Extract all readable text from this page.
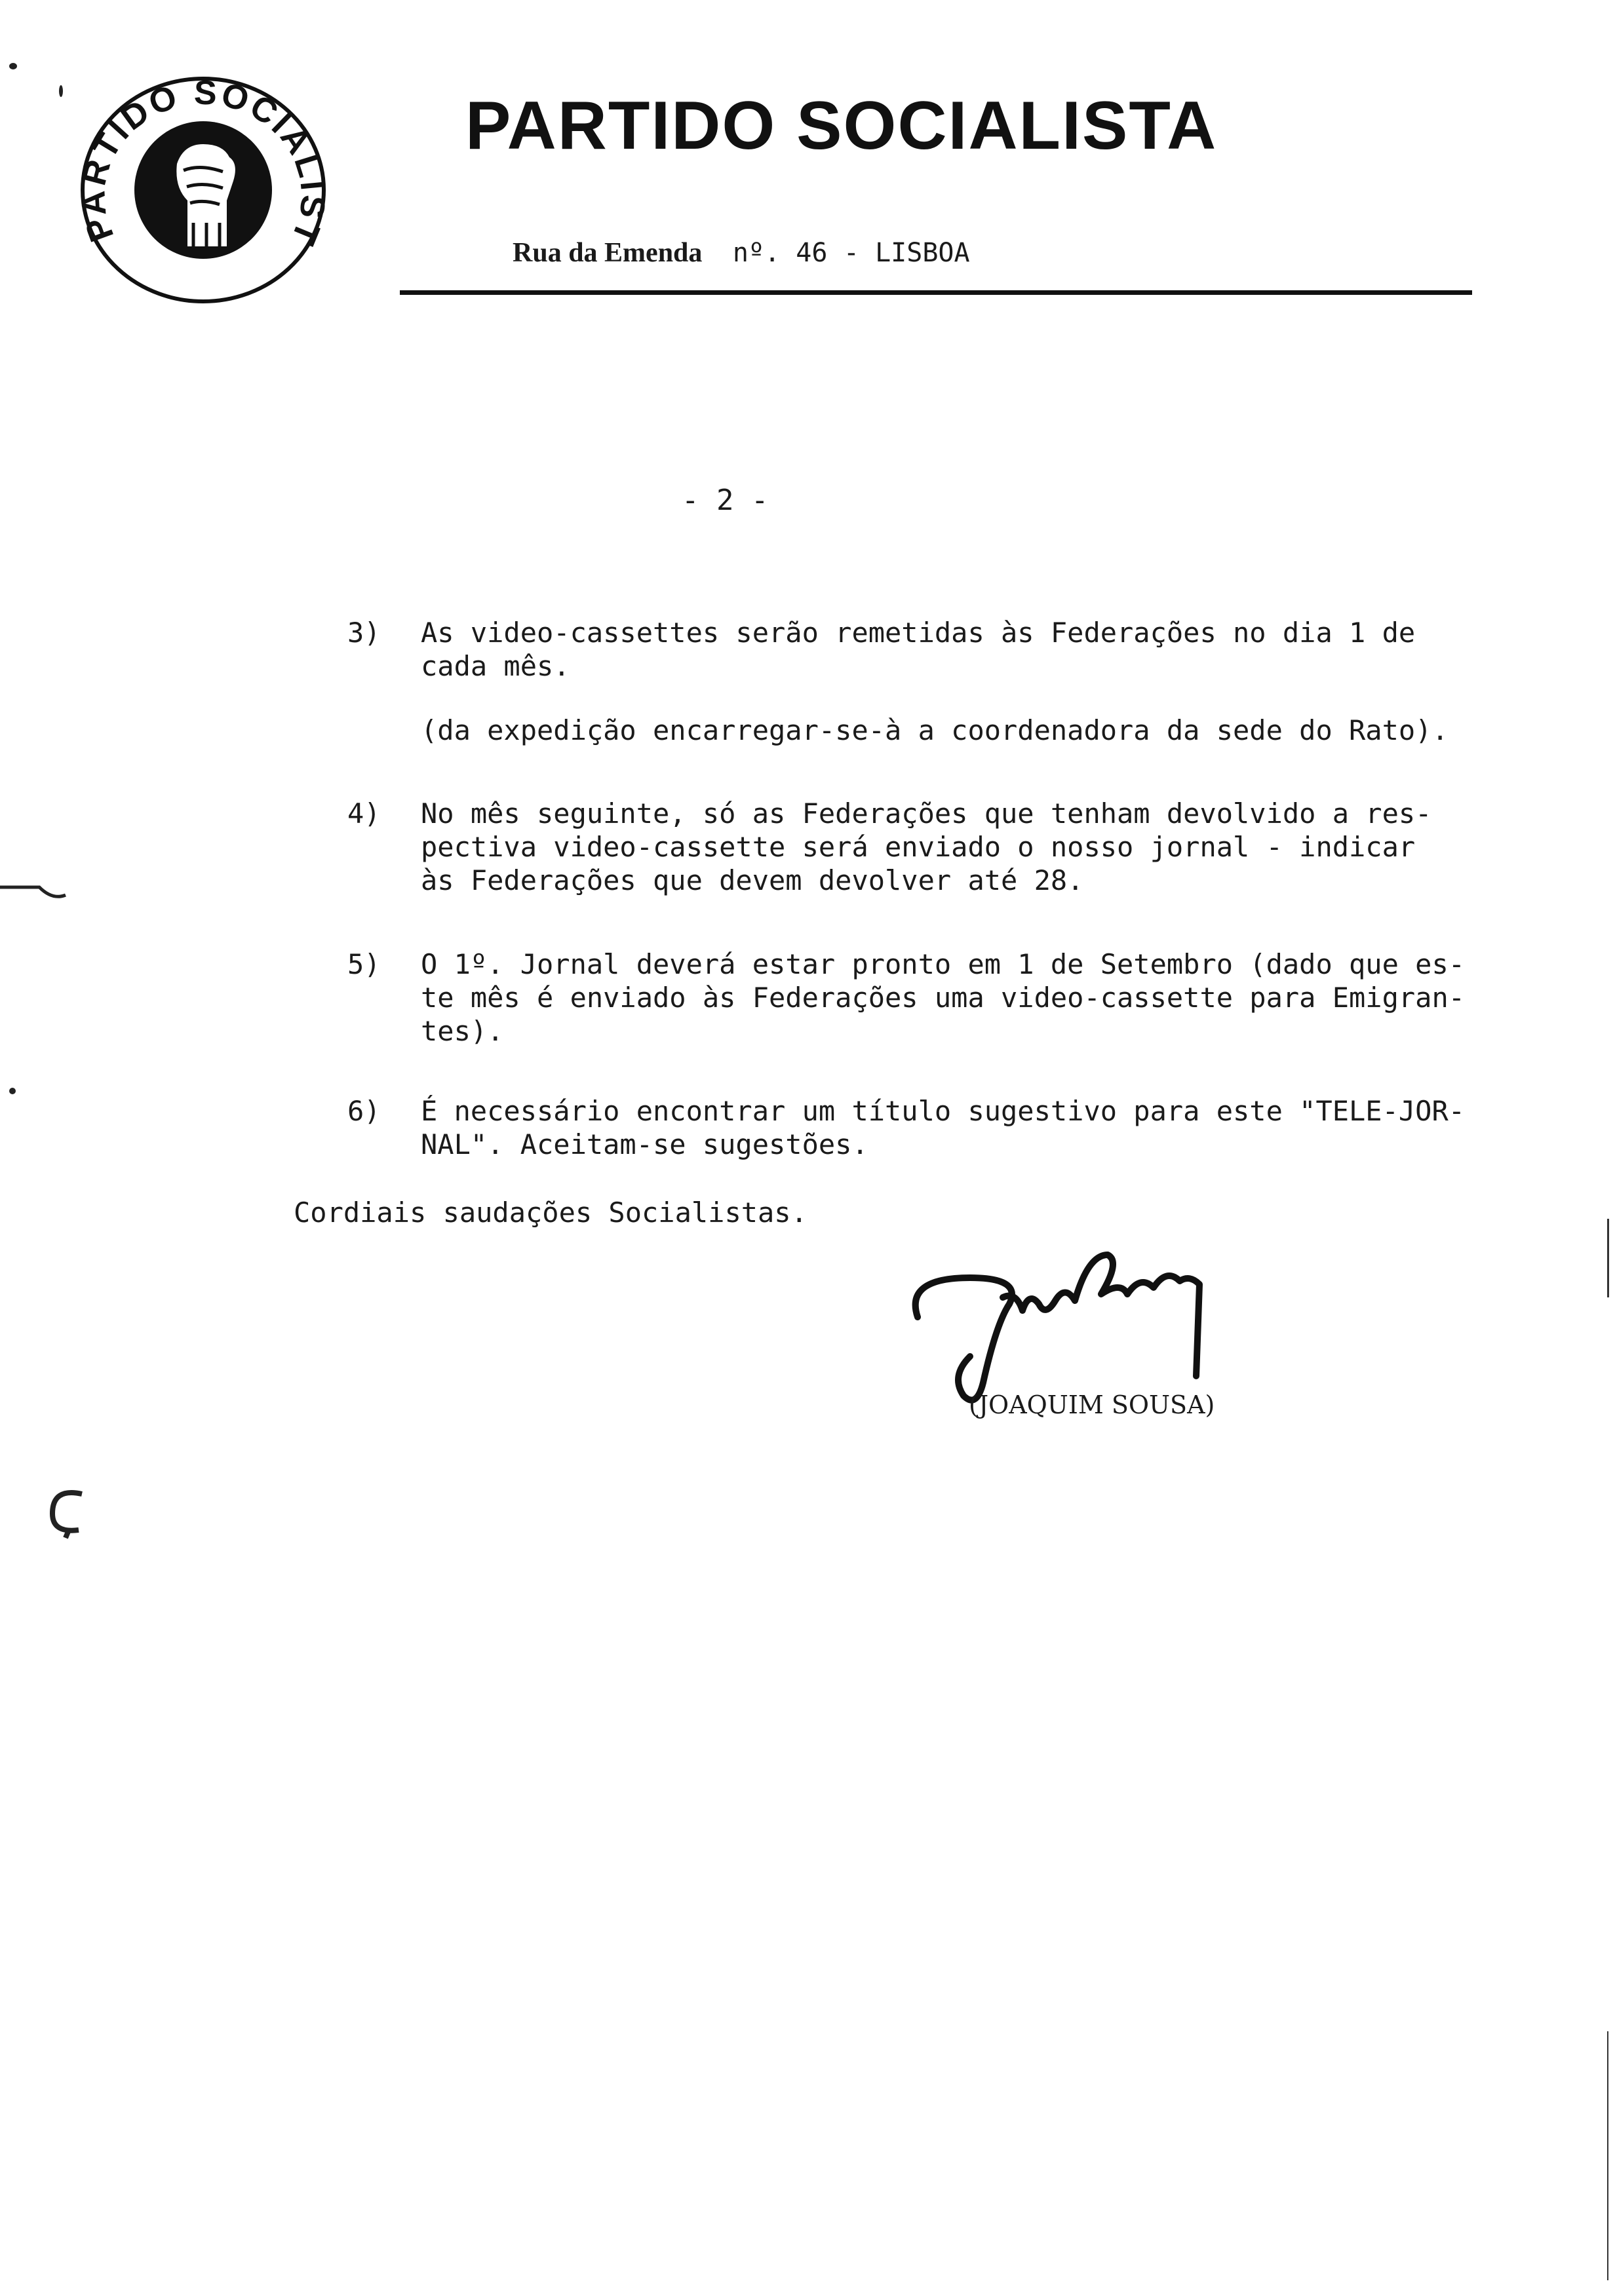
P RTIDO SOCIAL T
PARTIDO SOCIALISTA
Rua da Emenda nº. 46 - LISBOA
- 2 -
3)	As video-cassettes serão remetidas às Federações no dia 1 de
cada mês.
(da expedição encarregar-se-à a coordenadora da sede do Rato).
4)	No mês seguinte, só as Federações que tenham devolvido a res-
pectiva video-cassette será enviado o nosso jornal - indicar
às Federações que devem devolver até 28.
5)	O 1º. Jornal deverá estar pronto em 1 de Setembro (dado que es-
te mês é enviado às Federações uma video-cassette para Emigran-
tes).
6)	É necessário encontrar um título sugestivo para este "TELE-JOR-
NAL". Aceitam-se sugestões.
Cordiais saudações Socialistas.
(JOAQUIM SOUSA)
